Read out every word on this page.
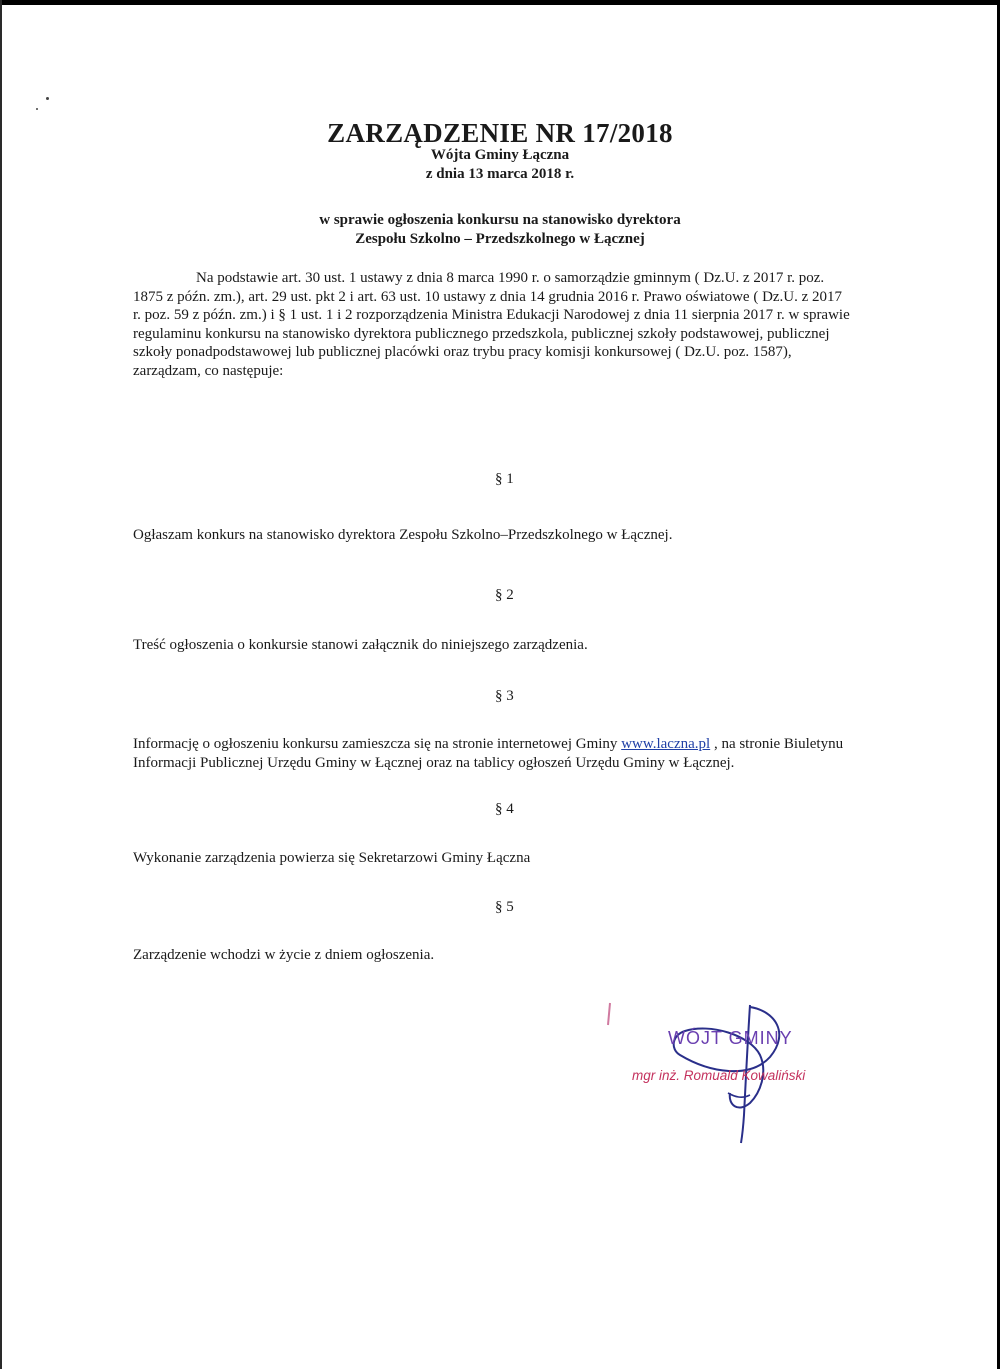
ZARZĄDZENIE NR 17/2018
Wójta Gminy Łączna
z dnia 13 marca 2018 r.
w sprawie ogłoszenia konkursu na stanowisko dyrektora
Zespołu Szkolno – Przedszkolnego w Łącznej
Na podstawie art. 30 ust. 1 ustawy z dnia 8 marca 1990 r. o samorządzie gminnym ( Dz.U. z 2017 r. poz. 1875 z późn. zm.), art. 29 ust. pkt 2 i art. 63 ust. 10 ustawy z dnia 14 grudnia 2016 r. Prawo oświatowe ( Dz.U. z 2017 r. poz. 59 z późn. zm.) i § 1 ust. 1 i 2 rozporządzenia Ministra Edukacji Narodowej z dnia 11 sierpnia 2017 r. w sprawie regulaminu konkursu na stanowisko dyrektora publicznego przedszkola, publicznej szkoły podstawowej, publicznej szkoły ponadpodstawowej lub publicznej placówki oraz trybu pracy komisji konkursowej ( Dz.U. poz. 1587), zarządzam, co następuje:
§ 1
Ogłaszam konkurs na stanowisko dyrektora Zespołu Szkolno–Przedszkolnego w Łącznej.
§ 2
Treść ogłoszenia o konkursie stanowi załącznik do niniejszego zarządzenia.
§ 3
Informację o ogłoszeniu konkursu zamieszcza się na stronie internetowej Gminy www.laczna.pl , na stronie Biuletynu Informacji Publicznej Urzędu Gminy w Łącznej oraz na tablicy ogłoszeń Urzędu Gminy w Łącznej.
§ 4
Wykonanie zarządzenia powierza się Sekretarzowi Gminy Łączna
§ 5
Zarządzenie wchodzi w życie z dniem ogłoszenia.
WÓJT GMINY
mgr inż. Romuald Kowaliński
